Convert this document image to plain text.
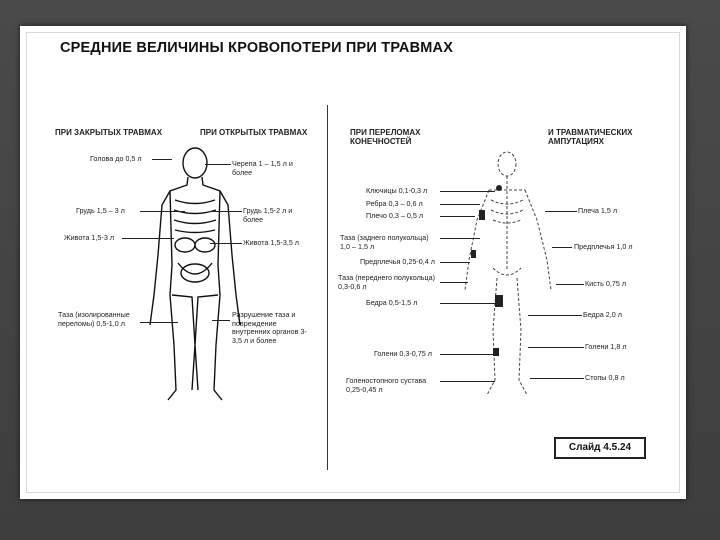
СРЕДНИЕ ВЕЛИЧИНЫ КРОВОПОТЕРИ ПРИ ТРАВМАХ
ПРИ ЗАКРЫТЫХ ТРАВМАХ	ПРИ ОТКРЫТЫХ ТРАВМАХ	ПРИ ПЕРЕЛОМАХ КОНЕЧНОСТЕЙ
И ТРАВМАТИЧЕСКИХ АМПУТАЦИЯХ
Голова до 0,5 л
Грудь 1,5 – 3 л
Живота 1,5-3 л
Таза (изолированные переломы) 0,5-1,0 л
Черепа 1 – 1,5 л и более
Грудь 1,5-2 л и более
Живота 1,5-3,5 л
Разрушение таза и повреждение внутренних органов 3-3,5 л и более
Ключицы 0,1-0,3 л
Ребра 0,3 – 0,6 л
Плечо 0,3 – 0,5 л
Таза (заднего полукольца) 1,0 – 1,5 л
Предплечья 0,25-0,4 л
Таза (переднего полукольца) 0,3-0,6 л
Бедра 0,5-1,5 л
Голени 0,3-0,75 л
Голеностопного сустава 0,25-0,45 л
Плеча 1,5 л
Предплечья 1,0 л
Кисть 0,75 л
Бедра 2,0 л
Голени 1,8 л
Стопы 0,8 л
Слайд 4.5.24
